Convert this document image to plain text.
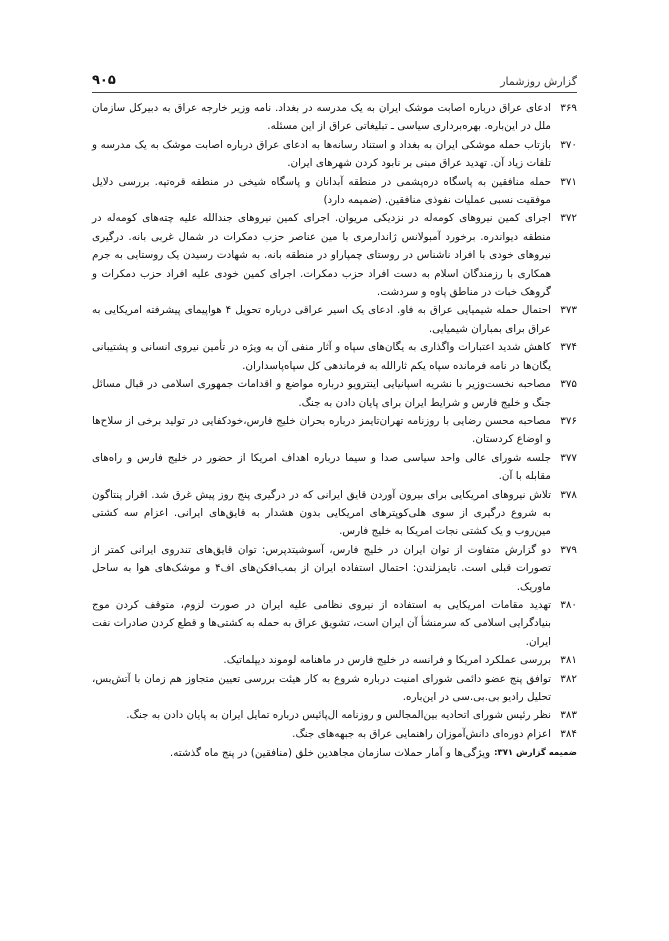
گزارش روزشمار
۹۰۵
۳۶۹
ادعای عراق درباره اصابت موشک ایران به یک مدرسه در بغداد. نامه وزیر خارجه عراق به دبیرکل سازمان ملل در این‌باره. بهره‌برداری سیاسی ـ تبلیغاتی عراق از این مسئله.
۳۷۰
بازتاب حمله موشکی ایران به بغداد و استناد رسانه‌ها به ادعای عراق درباره اصابت موشک به یک مدرسه و تلفات زیاد آن. تهدید عراق مبنی بر نابود کردن شهرهای ایران.
۳۷۱
حمله منافقین به پاسگاه دره‌پشمی در منطقه آبدانان و پاسگاه شیخی در منطقه قره‌تپه. بررسی دلایل موفقیت نسبی عملیات نفوذی منافقین. (ضمیمه دارد)
۳۷۲
اجرای کمین نیروهای کومه‌له در نزدیکی مریوان. اجرای کمین نیروهای جندالله علیه چته‌های کومه‌له در منطقه دیواندره. برخورد آمبولانس ژاندارمری با مین عناصر حزب دمکرات در شمال غربی بانه. درگیری نیروهای خودی با افراد ناشناس در روستای چمپاراو در منطقه بانه. به شهادت رسیدن یک روستایی به جرم همکاری با رزمندگان اسلام به دست افراد حزب دمکرات. اجرای کمین خودی علیه افراد حزب دمکرات و گروهک خبات در مناطق پاوه و سردشت.
۳۷۳
احتمال حمله شیمیایی عراق به فاو. ادعای یک اسیر عراقی درباره تحویل ۴ هواپیمای پیشرفته امریکایی به عراق برای بمباران شیمیایی.
۳۷۴
کاهش شدید اعتبارات واگذاری به یگان‌های سپاه و آثار منفی آن به ویژه در تأمین نیروی انسانی و پشتیبانی یگان‌ها در نامه فرمانده سپاه یکم ثارالله به فرماندهی کل سپاه‌پاسداران.
۳۷۵
مصاحبه نخست‌وزیر با نشریه اسپانیایی اینترویو درباره مواضع و اقدامات جمهوری اسلامی در قبال مسائل جنگ و خلیج فارس و شرایط ایران برای پایان دادن به جنگ.
۳۷۶
مصاحبه محسن رضایی با روزنامه تهران‌تایمز درباره بحران خلیج فارس،خودکفایی در تولید برخی از سلاح‌ها و اوضاع کردستان.
۳۷۷
جلسه شورای عالی واحد سیاسی صدا و سیما درباره اهداف امریکا از حضور در خلیج فارس و راه‌های مقابله با آن.
۳۷۸
تلاش نیروهای امریکایی برای بیرون آوردن قایق ایرانی که در درگیری پنج روز پیش غرق شد. اقرار پنتاگون به شروع درگیری از سوی هلی‌کوپترهای امریکایی بدون هشدار به قایق‌های ایرانی. اعزام سه کشتی مین‌روب و یک کشتی نجات امریکا به خلیج فارس.
۳۷۹
دو گزارش متفاوت از توان ایران در خلیج فارس، آسوشیتدپرس: توان قایق‌های تندروی ایرانی کمتر از تصورات قبلی است. تایمزلندن: احتمال استفاده ایران از بمب‌افکن‌های اف۴ و موشک‌های هوا به ساحل ماوریک.
۳۸۰
تهدید مقامات امریکایی به استفاده از نیروی نظامی علیه ایران در صورت لزوم، متوقف کردن موج بنیادگرایی اسلامی که سرمنشأ آن ایران است، تشویق عراق به حمله به کشتی‌ها و قطع کردن صادرات نفت ایران.
۳۸۱
بررسی عملکرد امریکا و فرانسه در خلیج فارس در ماهنامه لوموند دیپلماتیک.
۳۸۲
توافق پنج عضو دائمی شورای امنیت درباره شروع به کار هیئت بررسی تعیین متجاوز هم زمان با آتش‌بس، تحلیل رادیو بی.بی.سی در این‌باره.
۳۸۳
نظر رئیس شورای اتحادیه بین‌المجالس و روزنامه ال‌پائیس درباره تمایل ایران به پایان دادن به جنگ.
۳۸۴
اعزام دوره‌ای دانش‌آموزان راهنمایی عراق به جبهه‌های جنگ.
ضمیمه گزارش ۳۷۱:
ویژگی‌ها و آمار حملات سازمان مجاهدین خلق (منافقین) در پنج ماه گذشته.
